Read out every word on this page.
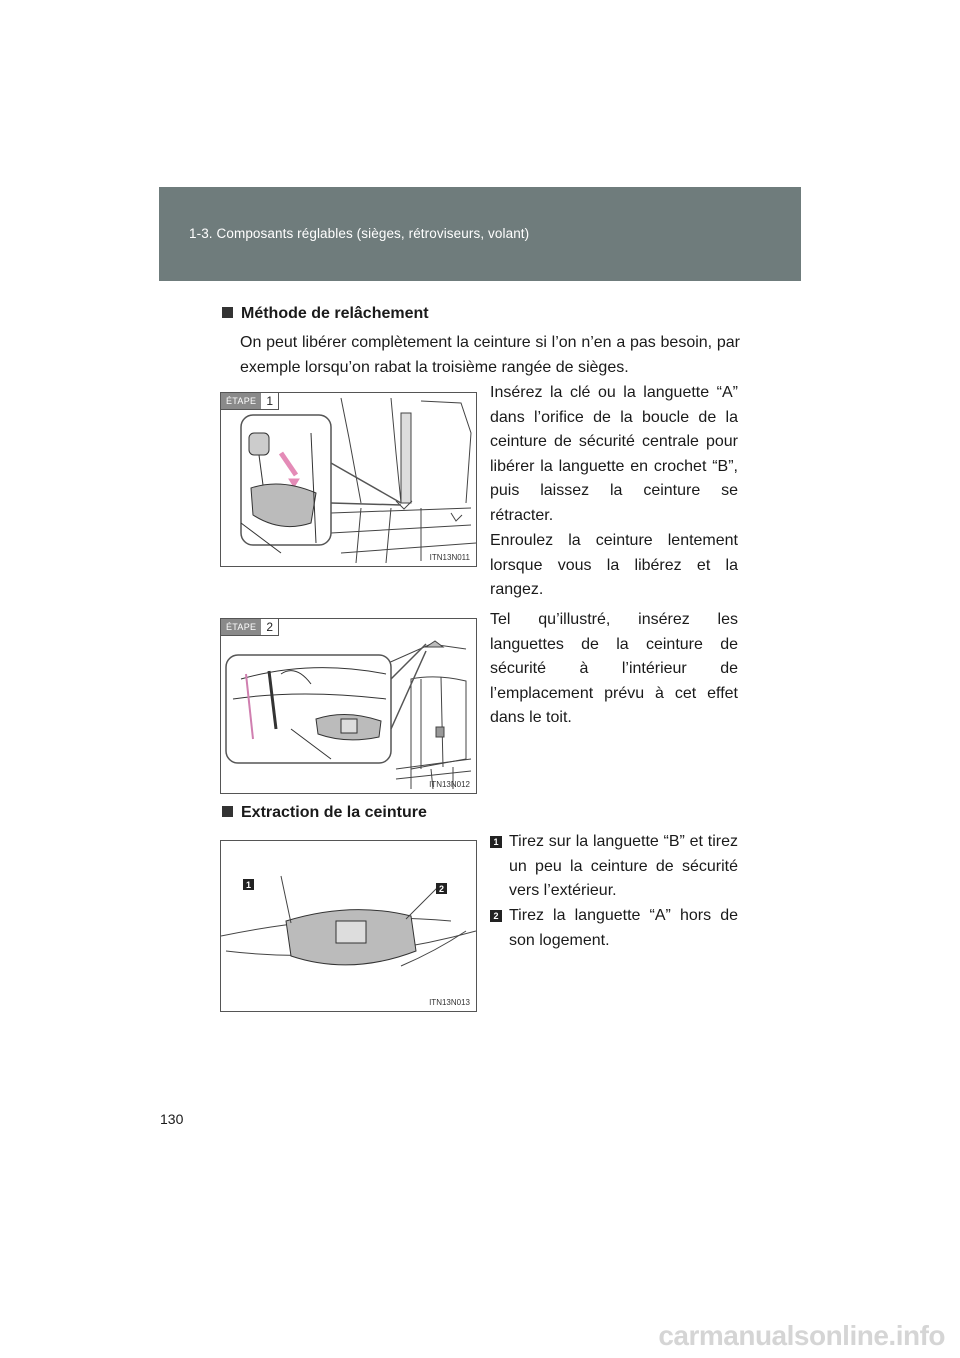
1-3. Composants réglables (sièges, rétroviseurs, volant)
Méthode de relâchement
On peut libérer complètement la ceinture si l’on n’en a pas besoin, par exemple lorsqu’on rabat la troisième rangée de sièges.
ÉTAPE 1
ITN13N011
Insérez la clé ou la languette “A” dans l’orifice de la boucle de la ceinture de sécurité centrale pour libérer la languette en crochet “B”, puis laissez la ceinture se rétracter.
Enroulez la ceinture lentement lorsque vous la libérez et la rangez.
ÉTAPE 2
ITN13N012
Tel qu’illustré, insérez les languettes de la ceinture de sécurité à l’intérieur de l’emplacement prévu à cet effet dans le toit.
Extraction de la ceinture
1	2
ITN13N013
1 Tirez sur la languette “B” et tirez un peu la ceinture de sécurité vers l’extérieur.
2 Tirez la languette “A” hors de son logement.
130
carmanualsonline.info
